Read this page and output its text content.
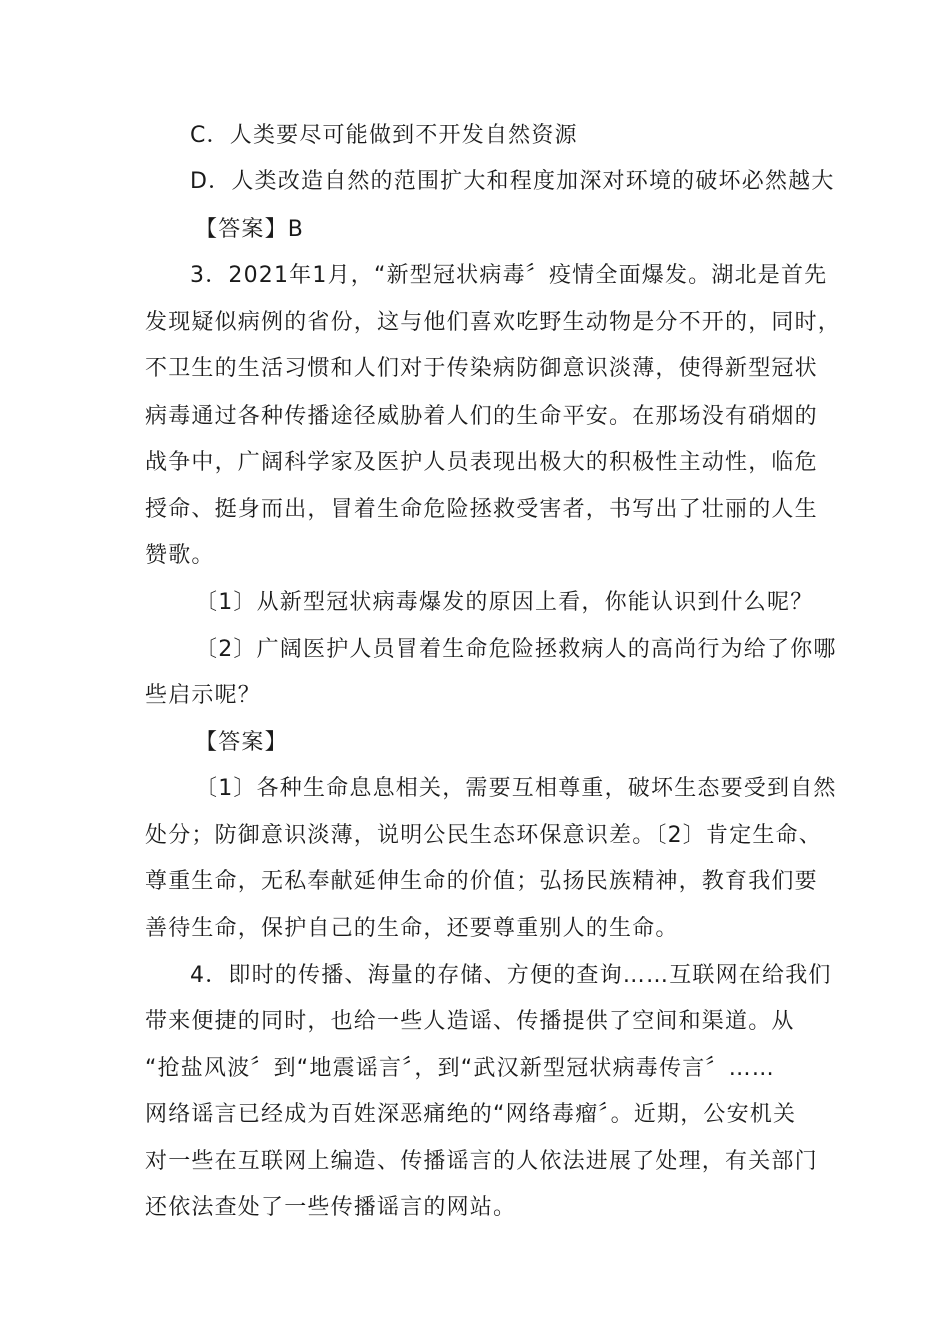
C．人类要尽可能做到不开发自然资源
D．人类改造自然的范围扩大和程度加深对环境的破坏必然越大
【答案】B
3．2021年1月，“新型冠状病毒〞疫情全面爆发。湖北是首先
发现疑似病例的省份，这与他们喜欢吃野生动物是分不开的，同时，
不卫生的生活习惯和人们对于传染病防御意识淡薄，使得新型冠状
病毒通过各种传播途径威胁着人们的生命平安。在那场没有硝烟的
战争中，广阔科学家及医护人员表现出极大的积极性主动性，临危
授命、挺身而出，冒着生命危险拯救受害者，书写出了壮丽的人生
赞歌。
〔1〕从新型冠状病毒爆发的原因上看，你能认识到什么呢？
〔2〕广阔医护人员冒着生命危险拯救病人的高尚行为给了你哪
些启示呢？
【答案】
〔1〕各种生命息息相关，需要互相尊重，破坏生态要受到自然
处分；防御意识淡薄，说明公民生态环保意识差。〔2〕肯定生命、
尊重生命，无私奉献延伸生命的价值；弘扬民族精神，教育我们要
善待生命，保护自己的生命，还要尊重别人的生命。
4．即时的传播、海量的存储、方便的查询……互联网在给我们
带来便捷的同时，也给一些人造谣、传播提供了空间和渠道。从
“抢盐风波〞到“地震谣言〞，到“武汉新型冠状病毒传言〞……
网络谣言已经成为百姓深恶痛绝的“网络毒瘤〞。近期，公安机关
对一些在互联网上编造、传播谣言的人依法进展了处理，有关部门
还依法查处了一些传播谣言的网站。
